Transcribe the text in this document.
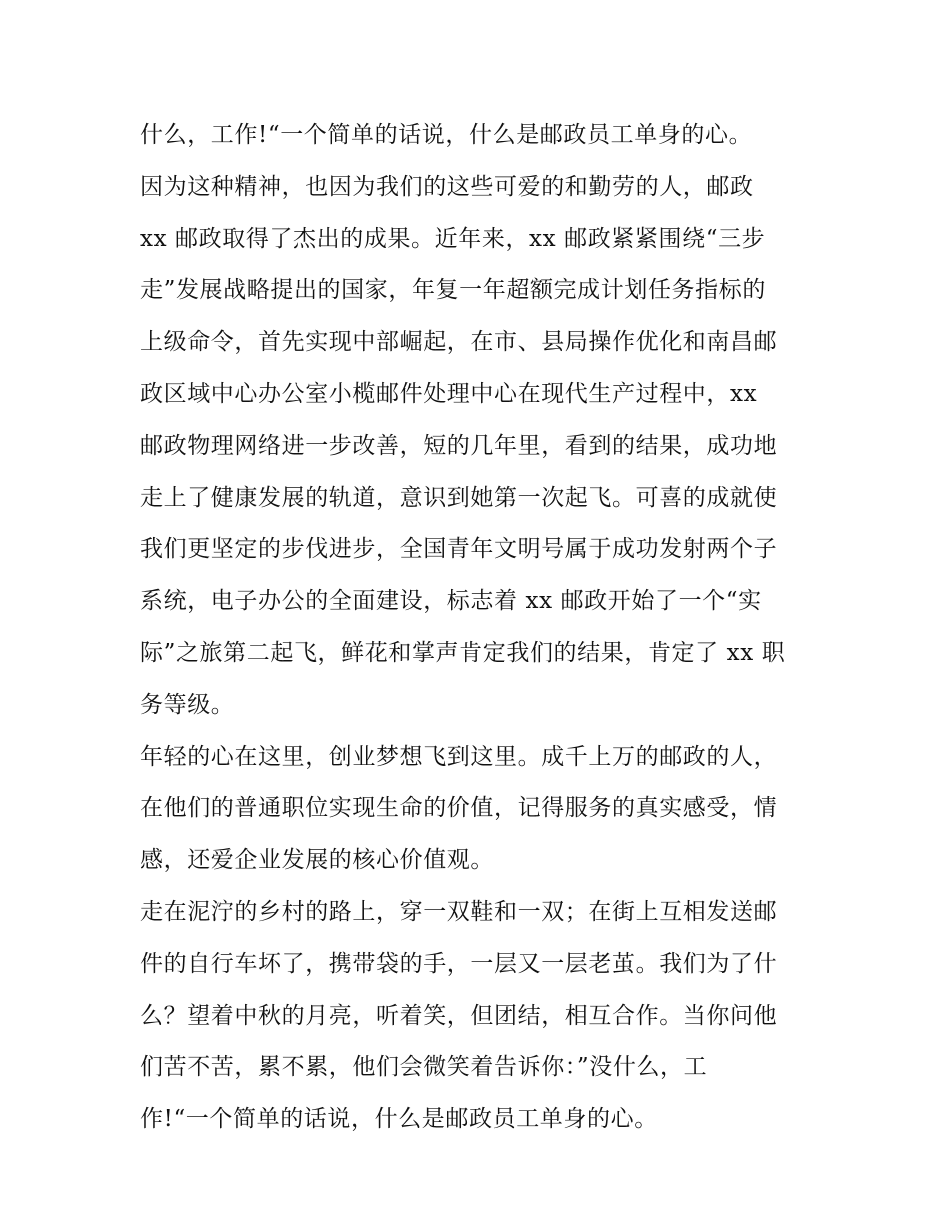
什么，工作!“一个简单的话说，什么是邮政员工单身的心。
因为这种精神，也因为我们的这些可爱的和勤劳的人，邮政
xx 邮政取得了杰出的成果。近年来，xx 邮政紧紧围绕“三步
走”发展战略提出的国家，年复一年超额完成计划任务指标的
上级命令，首先实现中部崛起，在市、县局操作优化和南昌邮
政区域中心办公室小榄邮件处理中心在现代生产过程中，xx
邮政物理网络进一步改善，短的几年里，看到的结果，成功地
走上了健康发展的轨道，意识到她第一次起飞。可喜的成就使
我们更坚定的步伐进步，全国青年文明号属于成功发射两个子
系统，电子办公的全面建设，标志着 xx 邮政开始了一个“实
际”之旅第二起飞，鲜花和掌声肯定我们的结果，肯定了 xx 职
务等级。
年轻的心在这里，创业梦想飞到这里。成千上万的邮政的人，
在他们的普通职位实现生命的价值，记得服务的真实感受，情
感，还爱企业发展的核心价值观。
走在泥泞的乡村的路上，穿一双鞋和一双；在街上互相发送邮
件的自行车坏了，携带袋的手，一层又一层老茧。我们为了什
么？望着中秋的月亮，听着笑，但团结，相互合作。当你问他
们苦不苦，累不累，他们会微笑着告诉你：”没什么，工
作!“一个简单的话说，什么是邮政员工单身的心。
